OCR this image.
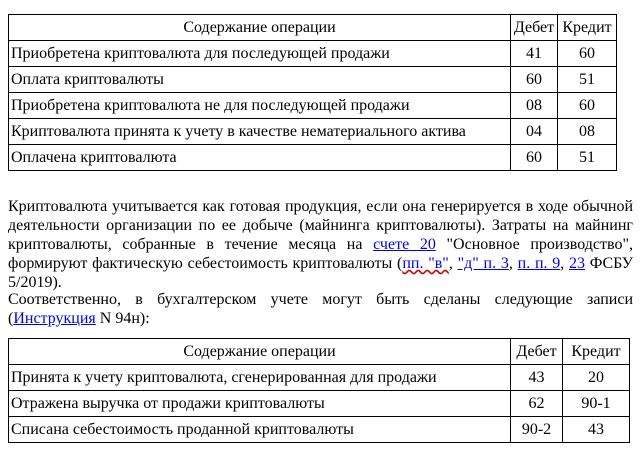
Содержание операции	Дебет	Кредит
Приобретена криптовалюта для последующей продажи	41	60
Оплата криптовалюты	60	51
Приобретена криптовалюта не для последующей продажи	08	60
Криптовалюта принята к учету в качестве нематериального актива	04	08
Оплачена криптовалюта	60	51

Криптовалюта учитывается как готовая продукция, если она генерируется в ходе обычной деятельности организации по ее добыче (майнинга криптовалюты). Затраты на майнинг криптовалюты, собранные в течение месяца на счете 20 "Основное производство", формируют фактическую себестоимость криптовалюты (пп. "в", "д" п. 3, п. п. 9, 23 ФСБУ 5/2019).

Соответственно, в бухгалтерском учете могут быть сделаны следующие записи (Инструкция N 94н):

Содержание операции	Дебет	Кредит
Принята к учету криптовалюта, сгенерированная для продажи	43	20
Отражена выручка от продажи криптовалюты	62	90-1
Списана себестоимость проданной криптовалюты	90-2	43
